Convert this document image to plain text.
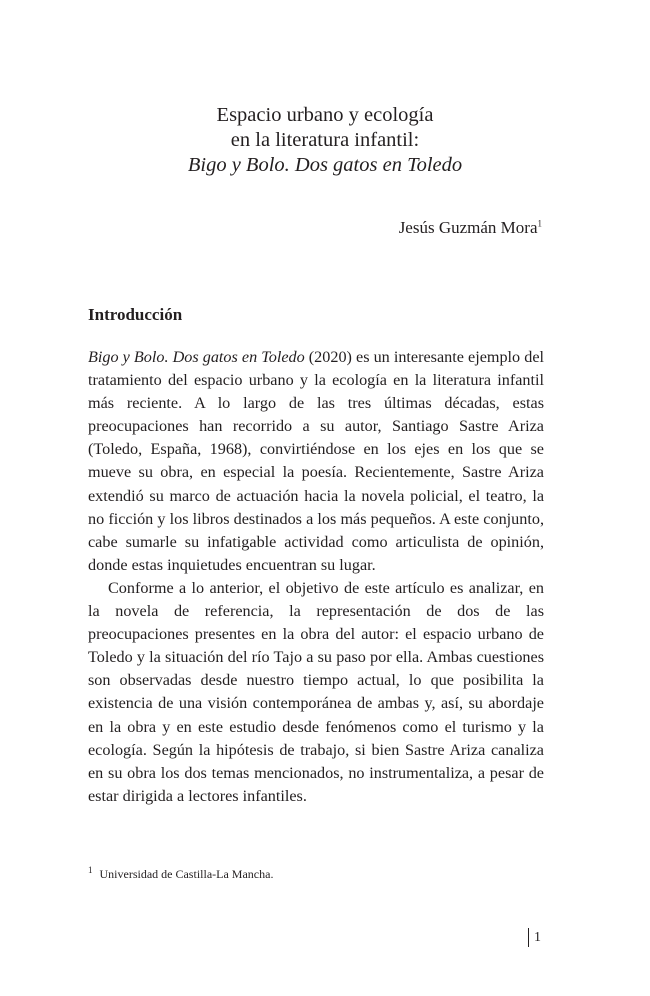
Espacio urbano y ecología
en la literatura infantil:
Bigo y Bolo. Dos gatos en Toledo
Jesús Guzmán Mora$^1$
Introducción

Bigo y Bolo. Dos gatos en Toledo (2020) es un interesante ejemplo del tratamiento del espacio urbano y la ecología en la literatura infantil más reciente. A lo largo de las tres últimas décadas, estas preocupaciones han recorrido a su autor, Santiago Sastre Ariza (Toledo, España, 1968), convirtiéndose en los ejes en los que se mueve su obra, en especial la poesía. Recientemente, Sastre Ariza extendió su marco de actuación hacia la novela policial, el teatro, la no ficción y los libros destinados a los más pequeños. A este conjunto, cabe sumarle su infatigable actividad como articulista de opinión, donde estas inquietudes encuentran su lugar.

Conforme a lo anterior, el objetivo de este artículo es analizar, en la novela de referencia, la representación de dos de las preocupaciones presentes en la obra del autor: el espacio urbano de Toledo y la situación del río Tajo a su paso por ella. Ambas cuestiones son observadas desde nuestro tiempo actual, lo que posibilita la existencia de una visión contemporánea de ambas y, así, su abordaje en la obra y en este estudio desde fenómenos como el turismo y la ecología. Según la hipótesis de trabajo, si bien Sastre Ariza canaliza en su obra los dos temas mencionados, no instrumentaliza, a pesar de estar dirigida a lectores infantiles.

$^1$ Universidad de Castilla-La Mancha.
1
